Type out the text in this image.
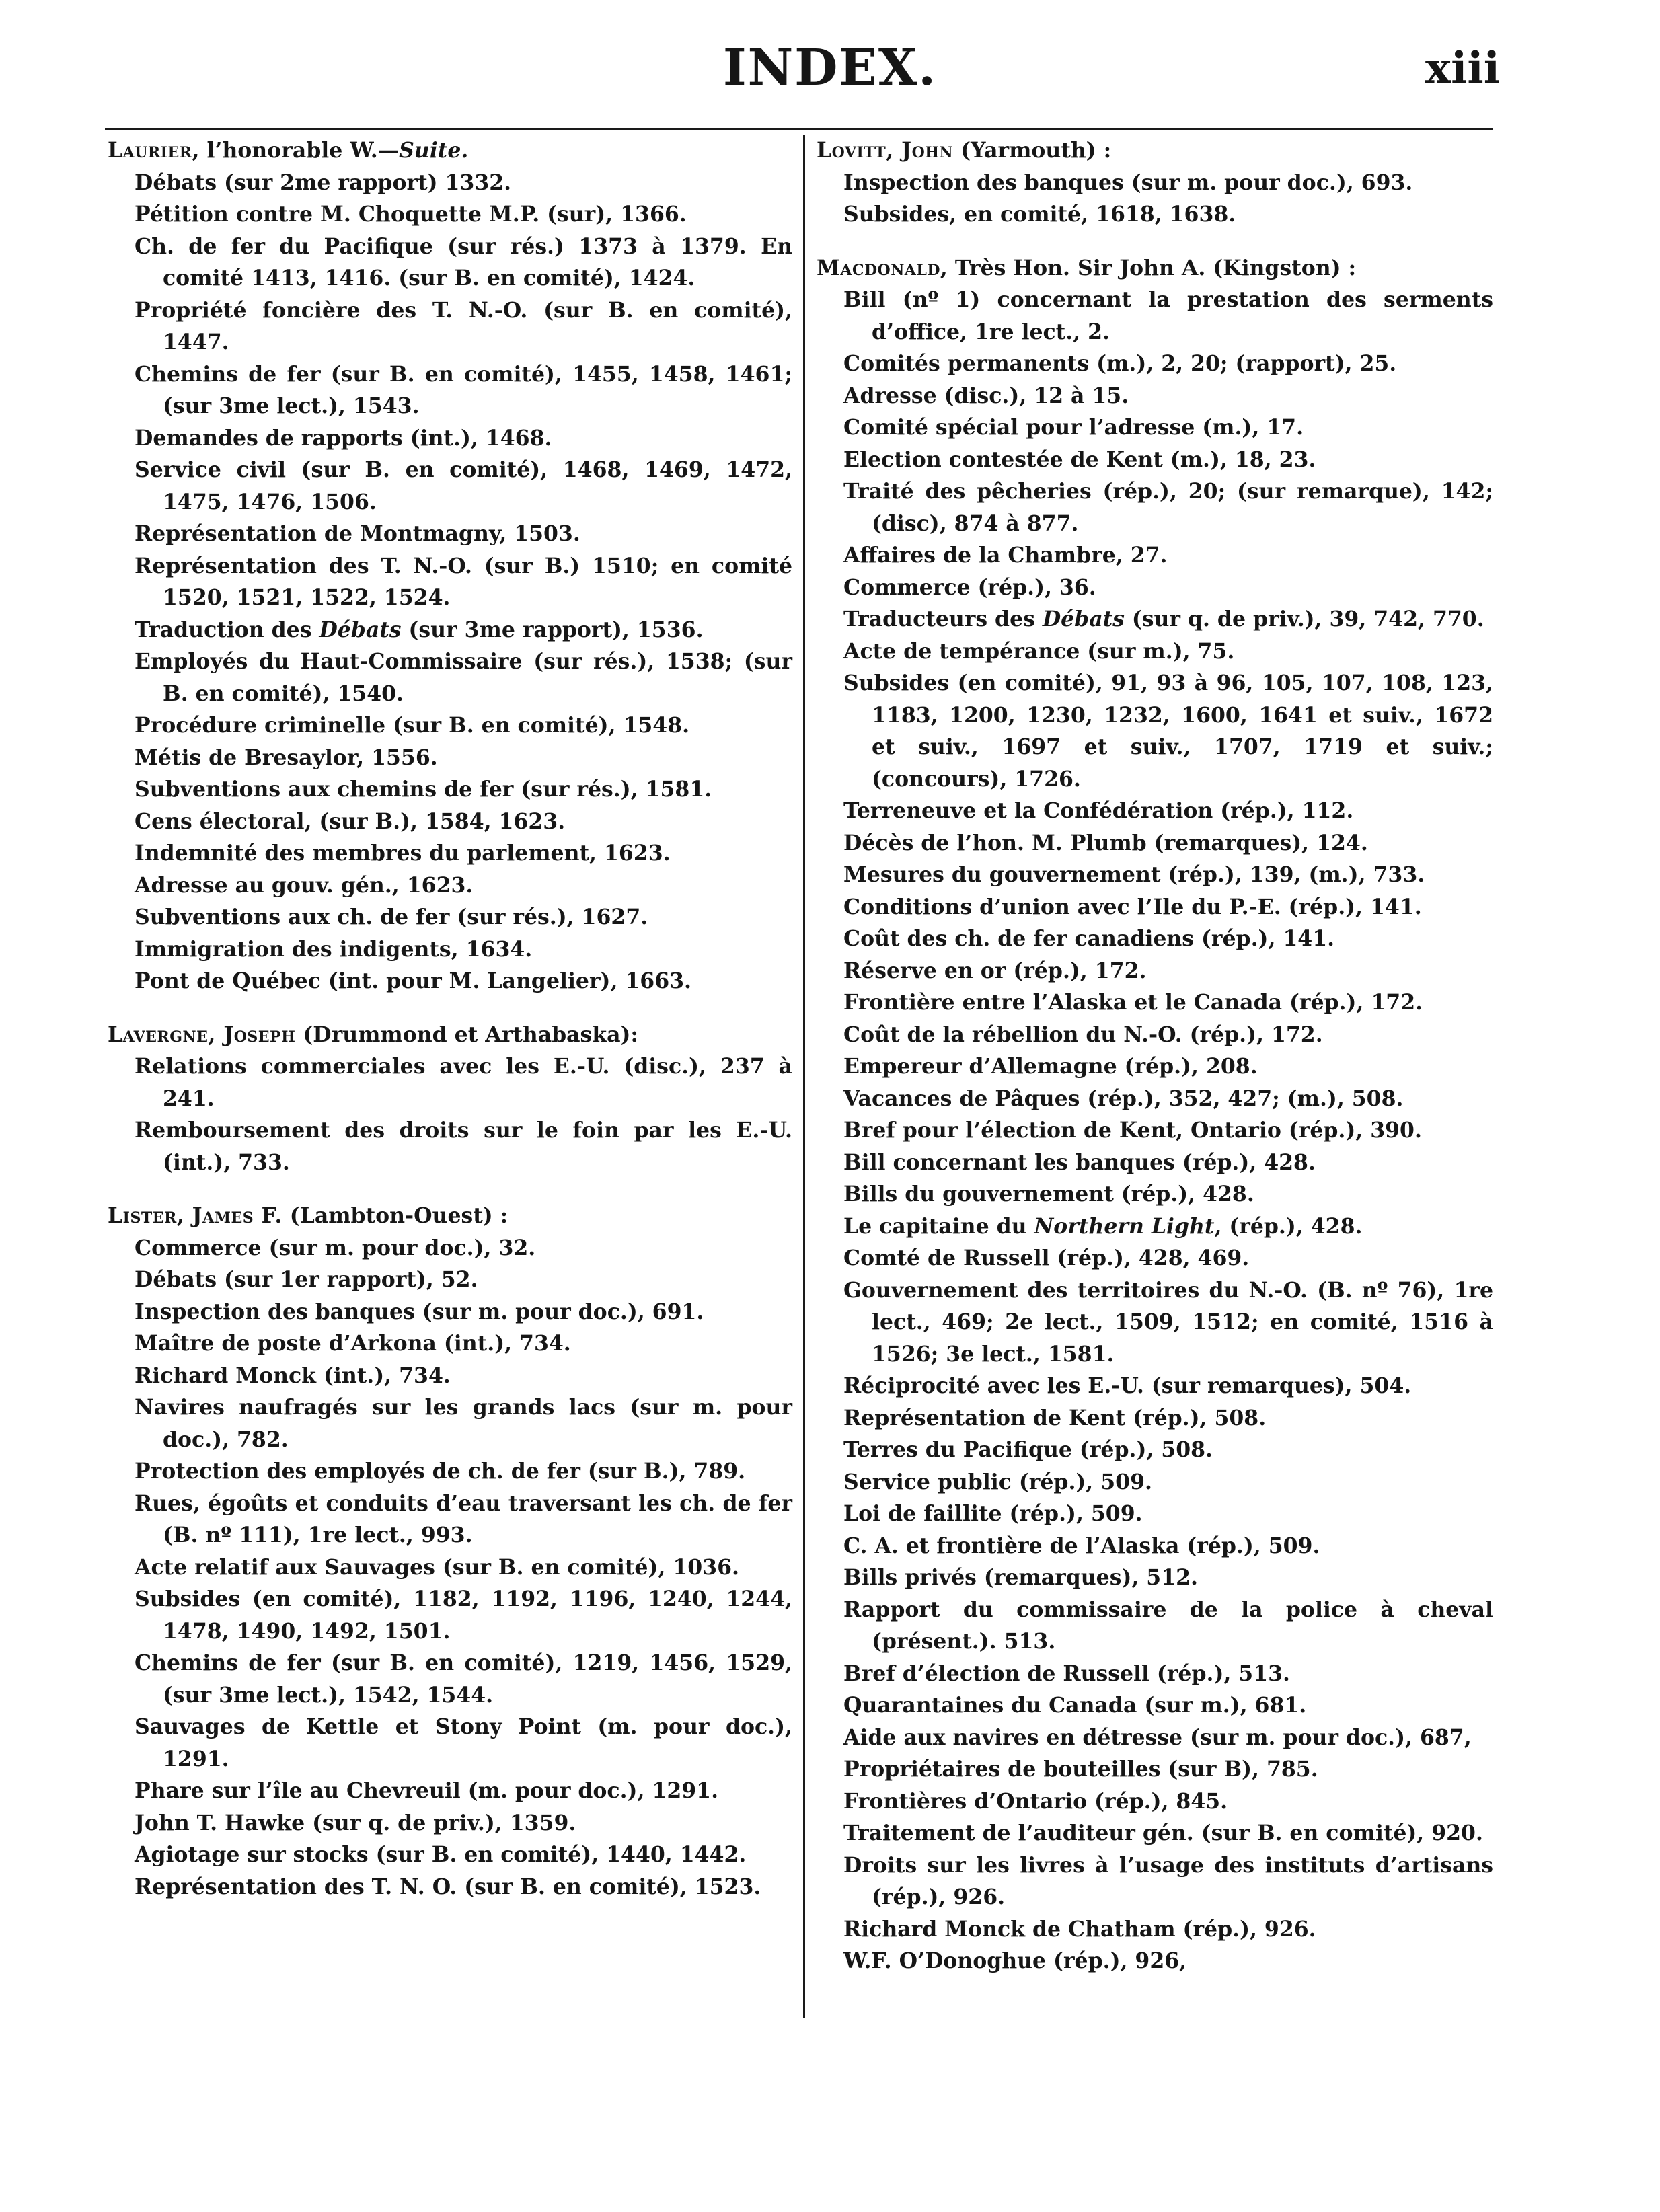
INDEX.	xiii

Laurier, l’honorable W.—Suite.

Débats (sur 2me rapport) 1332.

Pétition contre M. Choquette M.P. (sur), 1366.

Ch. de fer du Pacifique (sur rés.) 1373 à 1379. En comité 1413, 1416. (sur B. en comité), 1424.

Propriété foncière des T. N.-O. (sur B. en comité), 1447.

Chemins de fer (sur B. en comité), 1455, 1458, 1461; (sur 3me lect.), 1543.

Demandes de rapports (int.), 1468.

Service civil (sur B. en comité), 1468, 1469, 1472, 1475, 1476, 1506.

Représentation de Montmagny, 1503.

Représentation des T. N.-O. (sur B.) 1510; en comité 1520, 1521, 1522, 1524.

Traduction des Débats (sur 3me rapport), 1536.

Employés du Haut-Commissaire (sur rés.), 1538; (sur B. en comité), 1540.

Procédure criminelle (sur B. en comité), 1548.

Métis de Bresaylor, 1556.

Subventions aux chemins de fer (sur rés.), 1581.

Cens électoral, (sur B.), 1584, 1623.

Indemnité des membres du parlement, 1623.

Adresse au gouv. gén., 1623.

Subventions aux ch. de fer (sur rés.), 1627.

Immigration des indigents, 1634.

Pont de Québec (int. pour M. Langelier), 1663.

Lavergne, Joseph (Drummond et Arthabaska):

Relations commerciales avec les E.-U. (disc.), 237 à 241.

Remboursement des droits sur le foin par les E.-U. (int.), 733.

Lister, James F. (Lambton-Ouest) :

Commerce (sur m. pour doc.), 32.

Débats (sur 1er rapport), 52.

Inspection des banques (sur m. pour doc.), 691.

Maître de poste d’Arkona (int.), 734.

Richard Monck (int.), 734.

Navires naufragés sur les grands lacs (sur m. pour doc.), 782.

Protection des employés de ch. de fer (sur B.), 789.

Rues, égoûts et conduits d’eau traversant les ch. de fer (B. nº 111), 1re lect., 993.

Acte relatif aux Sauvages (sur B. en comité), 1036.

Subsides (en comité), 1182, 1192, 1196, 1240, 1244, 1478, 1490, 1492, 1501.

Chemins de fer (sur B. en comité), 1219, 1456, 1529, (sur 3me lect.), 1542, 1544.

Sauvages de Kettle et Stony Point (m. pour doc.), 1291.

Phare sur l’île au Chevreuil (m. pour doc.), 1291.

John T. Hawke (sur q. de priv.), 1359.

Agiotage sur stocks (sur B. en comité), 1440, 1442.

Représentation des T. N. O. (sur B. en comité), 1523.

Lovitt, John (Yarmouth) :

Inspection des banques (sur m. pour doc.), 693.

Subsides, en comité, 1618, 1638.

Macdonald, Très Hon. Sir John A. (Kingston) :

Bill (nº 1) concernant la prestation des serments d’office, 1re lect., 2.

Comités permanents (m.), 2, 20; (rapport), 25.

Adresse (disc.), 12 à 15.

Comité spécial pour l’adresse (m.), 17.

Election contestée de Kent (m.), 18, 23.

Traité des pêcheries (rép.), 20; (sur remarque), 142; (disc), 874 à 877.

Affaires de la Chambre, 27.

Commerce (rép.), 36.

Traducteurs des Débats (sur q. de priv.), 39, 742, 770.

Acte de tempérance (sur m.), 75.

Subsides (en comité), 91, 93 à 96, 105, 107, 108, 123, 1183, 1200, 1230, 1232, 1600, 1641 et suiv., 1672 et suiv., 1697 et suiv., 1707, 1719 et suiv.; (concours), 1726.

Terreneuve et la Confédération (rép.), 112.

Décès de l’hon. M. Plumb (remarques), 124.

Mesures du gouvernement (rép.), 139, (m.), 733.

Conditions d’union avec l’Ile du P.-E. (rép.), 141.

Coût des ch. de fer canadiens (rép.), 141.

Réserve en or (rép.), 172.

Frontière entre l’Alaska et le Canada (rép.), 172.

Coût de la rébellion du N.-O. (rép.), 172.

Empereur d’Allemagne (rép.), 208.

Vacances de Pâques (rép.), 352, 427; (m.), 508.

Bref pour l’élection de Kent, Ontario (rép.), 390.

Bill concernant les banques (rép.), 428.

Bills du gouvernement (rép.), 428.

Le capitaine du Northern Light, (rép.), 428.

Comté de Russell (rép.), 428, 469.

Gouvernement des territoires du N.-O. (B. nº 76), 1re lect., 469; 2e lect., 1509, 1512; en comité, 1516 à 1526; 3e lect., 1581.

Réciprocité avec les E.-U. (sur remarques), 504.

Représentation de Kent (rép.), 508.

Terres du Pacifique (rép.), 508.

Service public (rép.), 509.

Loi de faillite (rép.), 509.

C. A. et frontière de l’Alaska (rép.), 509.

Bills privés (remarques), 512.

Rapport du commissaire de la police à cheval (présent.). 513.

Bref d’élection de Russell (rép.), 513.

Quarantaines du Canada (sur m.), 681.

Aide aux navires en détresse (sur m. pour doc.), 687,

Propriétaires de bouteilles (sur B), 785.

Frontières d’Ontario (rép.), 845.

Traitement de l’auditeur gén. (sur B. en comité), 920.

Droits sur les livres à l’usage des instituts d’artisans (rép.), 926.

Richard Monck de Chatham (rép.), 926.

W.F. O’Donoghue (rép.), 926,
